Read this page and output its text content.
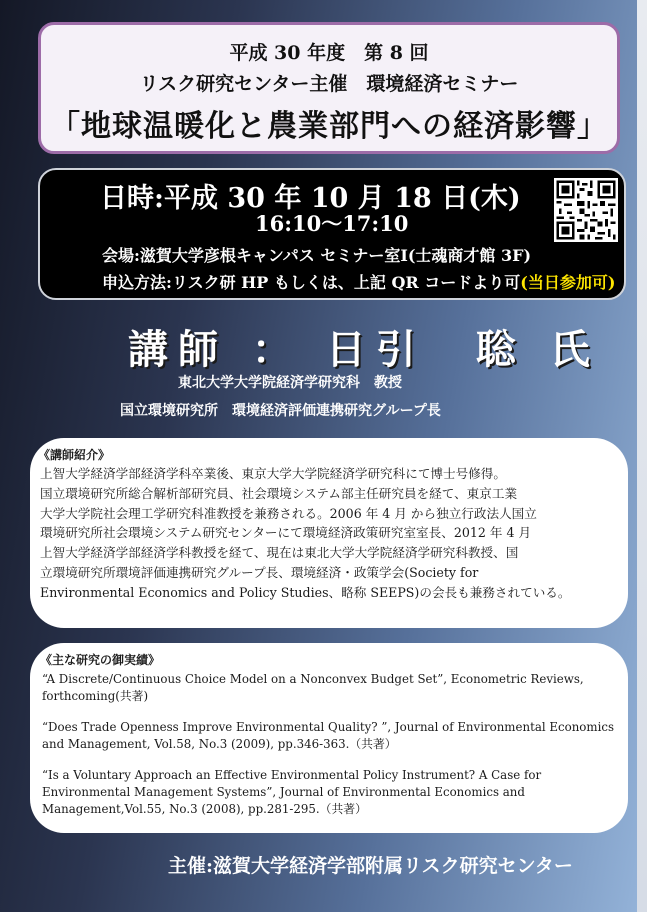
平成 30 年度　第 8 回
リスク研究センター主催　環境経済セミナー
「地球温暖化と農業部門への経済影響」
日時:平成 30 年 10 月 18 日(木)
16:10～17:10
会場:滋賀大学彦根キャンパス セミナー室Ⅰ(士魂商才館 3F)
申込方法:リスク研 HP もしくは、上記 QR コードより可(当日参加可)
講師 ： 日引　聡 氏
東北大学大学院経済学研究科　教授
国立環境研究所　環境経済評価連携研究グループ長
《講師紹介》

上智大学経済学部経済学科卒業後、東京大学大学院経済学研究科にて博士号修得。
国立環境研究所総合解析部研究員、社会環境システム部主任研究員を経て、東京工業
大学大学院社会理工学研究科准教授を兼務される。2006 年 4 月 から独立行政法人国立
環境研究所社会環境システム研究センターにて環境経済政策研究室室長、2012 年 4 月
上智大学経済学部経済学科教授を経て、現在は東北大学大学院経済学研究科教授、国
立環境研究所環境評価連携研究グループ長、環境経済・政策学会(Society for
Environmental Economics and Policy Studies、略称 SEEPS)の会長も兼務されている。

《主な研究の御実績》

“A Discrete/Continuous Choice Model on a Nonconvex Budget Set”, Econometric Reviews, forthcoming(共著)

“Does Trade Openness Improve Environmental Quality? ”, Journal of Environmental Economics and Management, Vol.58, No.3 (2009), pp.346-363.（共著）

“Is a Voluntary Approach an Effective Environmental Policy Instrument? A Case for Environmental Management Systems”, Journal of Environmental Economics and Management,Vol.55, No.3 (2008), pp.281-295.（共著）

主催:滋賀大学経済学部附属リスク研究センター
